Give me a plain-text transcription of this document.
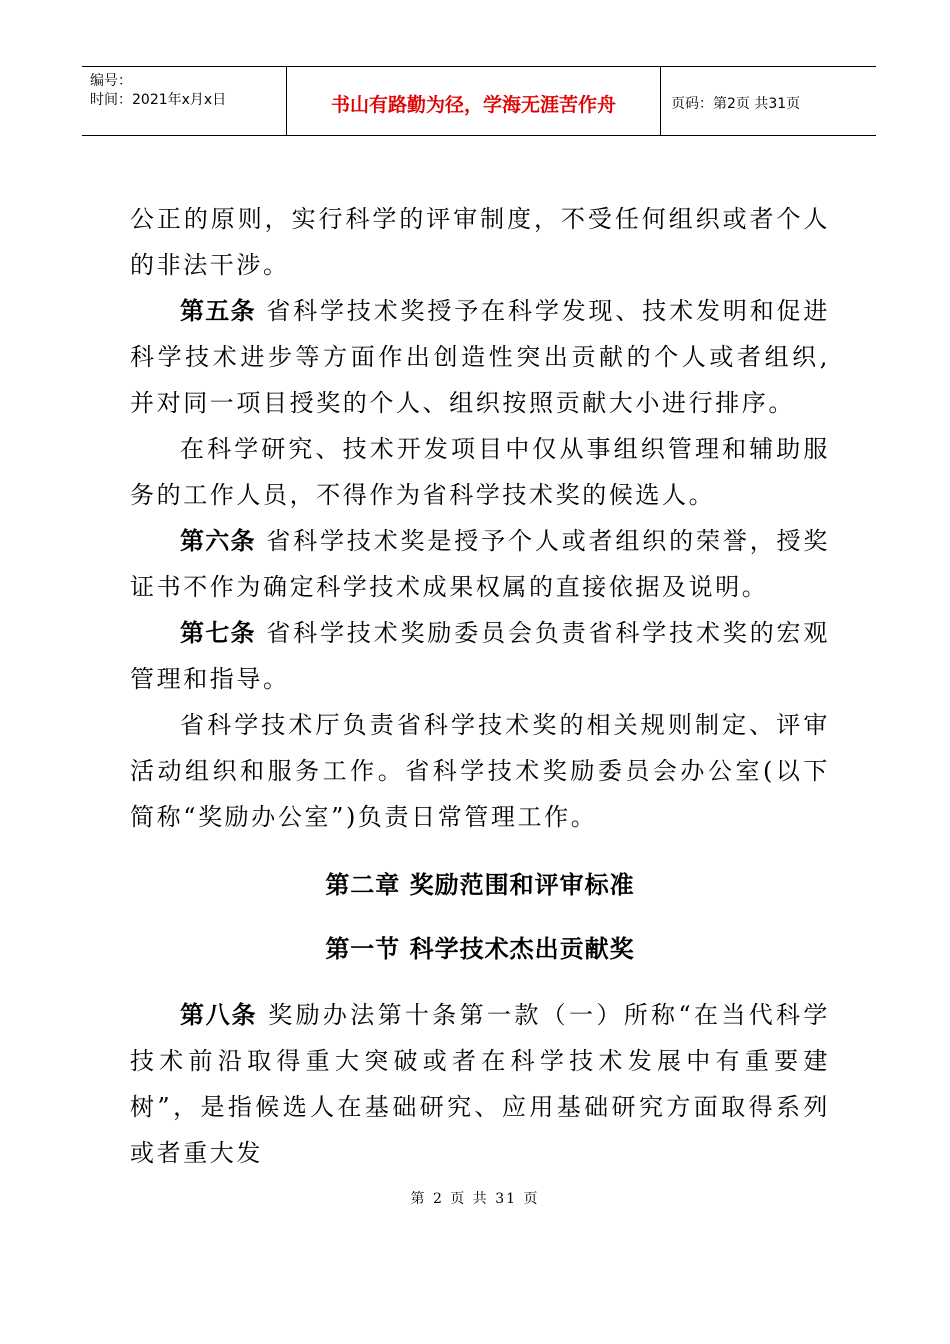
编号：
时间：2021年x月x日	书山有路勤为径，学海无涯苦作舟	页码：第2页 共31页

公正的原则，实行科学的评审制度，不受任何组织或者个人的非法干涉。

第五条 省科学技术奖授予在科学发现、技术发明和促进科学技术进步等方面作出创造性突出贡献的个人或者组织,并对同一项目授奖的个人、组织按照贡献大小进行排序。

在科学研究、技术开发项目中仅从事组织管理和辅助服务的工作人员，不得作为省科学技术奖的候选人。

第六条 省科学技术奖是授予个人或者组织的荣誉，授奖证书不作为确定科学技术成果权属的直接依据及说明。

第七条 省科学技术奖励委员会负责省科学技术奖的宏观管理和指导。

省科学技术厅负责省科学技术奖的相关规则制定、评审活动组织和服务工作。省科学技术奖励委员会办公室(以下简称“奖励办公室”)负责日常管理工作。

第二章 奖励范围和评审标准

第一节 科学技术杰出贡献奖

第八条 奖励办法第十条第一款（一）所称“在当代科学技术前沿取得重大突破或者在科学技术发展中有重要建树”，是指候选人在基础研究、应用基础研究方面取得系列或者重大发

第 2 页 共 31 页
